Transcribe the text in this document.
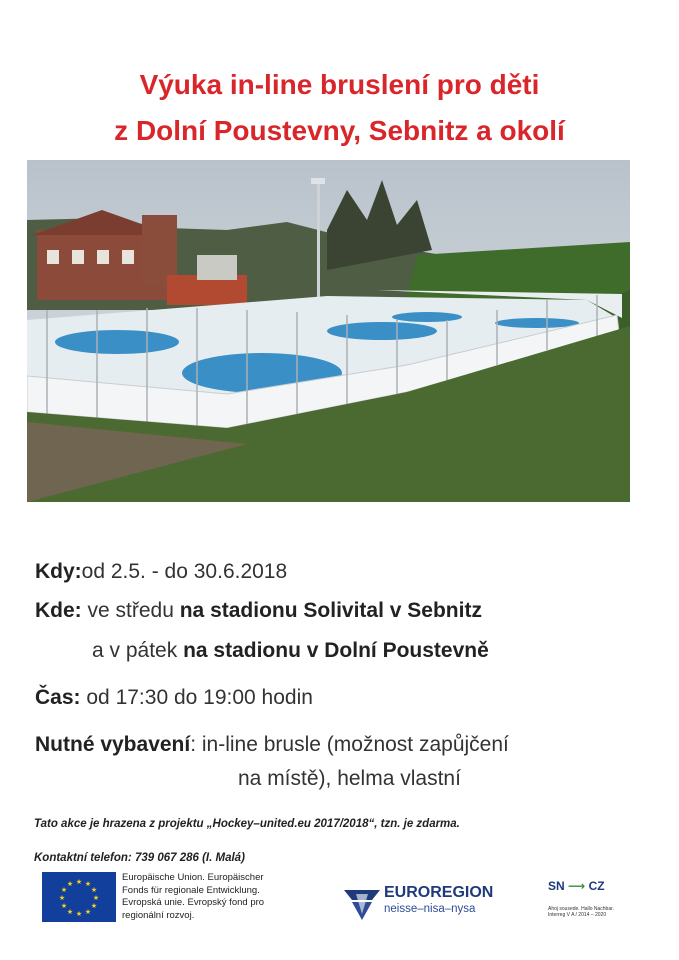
Výuka in-line bruslení pro děti
z Dolní Poustevny, Sebnitz a okolí
Kdy:od 2.5. - do 30.6.2018
Kde: ve středu na stadionu Solivital v Sebnitz
a v pátek na stadionu v Dolní Poustevně
Čas: od 17:30 do 19:00 hodin
Nutné vybavení: in-line brusle (možnost zapůjčení
na místě), helma vlastní
Tato akce je hrazena z projektu „Hockey–united.eu 2017/2018“, tzn. je zdarma.
Kontaktní telefon: 739 067 286 (I. Malá)
★ ★
★
★
★
★
★
★
★
★
★
★
Europäische Union. Europäischer
Fonds für regionale Entwicklung.
Evropská unie. Evropský fond pro
regionální rozvoj.
EUROREGION
neisse–nisa–nysa
SN ⟶ CZ
Ahoj sousede. Hallo Nachbar.
Interreg V A / 2014 – 2020
